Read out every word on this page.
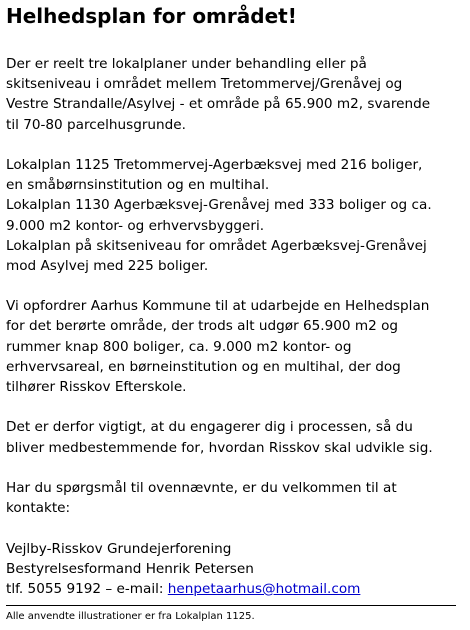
Helhedsplan for området!
Der er reelt tre lokalplaner under behandling eller på
skitseniveau i området mellem Tretommervej/Grenåvej og
Vestre Strandalle/Asylvej - et område på 65.900 m2, svarende
til 70-80 parcelhusgrunde.
Lokalplan 1125 Tretommervej-Agerbæksvej med 216 boliger,
en småbørnsinstitution og en multihal.
Lokalplan 1130 Agerbæksvej-Grenåvej med 333 boliger og ca.
9.000 m2 kontor- og erhvervsbyggeri.
Lokalplan på skitseniveau for området Agerbæksvej-Grenåvej
mod Asylvej med 225 boliger.
Vi opfordrer Aarhus Kommune til at udarbejde en Helhedsplan
for det berørte område, der trods alt udgør 65.900 m2 og
rummer knap 800 boliger, ca. 9.000 m2 kontor- og
erhvervsareal, en børneinstitution og en multihal, der dog
tilhører Risskov Efterskole.
Det er derfor vigtigt, at du engagerer dig i processen, så du
bliver medbestemmende for, hvordan Risskov skal udvikle sig.
Har du spørgsmål til ovennævnte, er du velkommen til at
kontakte:
Vejlby-Risskov Grundejerforening
Bestyrelsesformand Henrik Petersen
tlf. 5055 9192 – e-mail: henpetaarhus@hotmail.com
Alle anvendte illustrationer er fra Lokalplan 1125.
